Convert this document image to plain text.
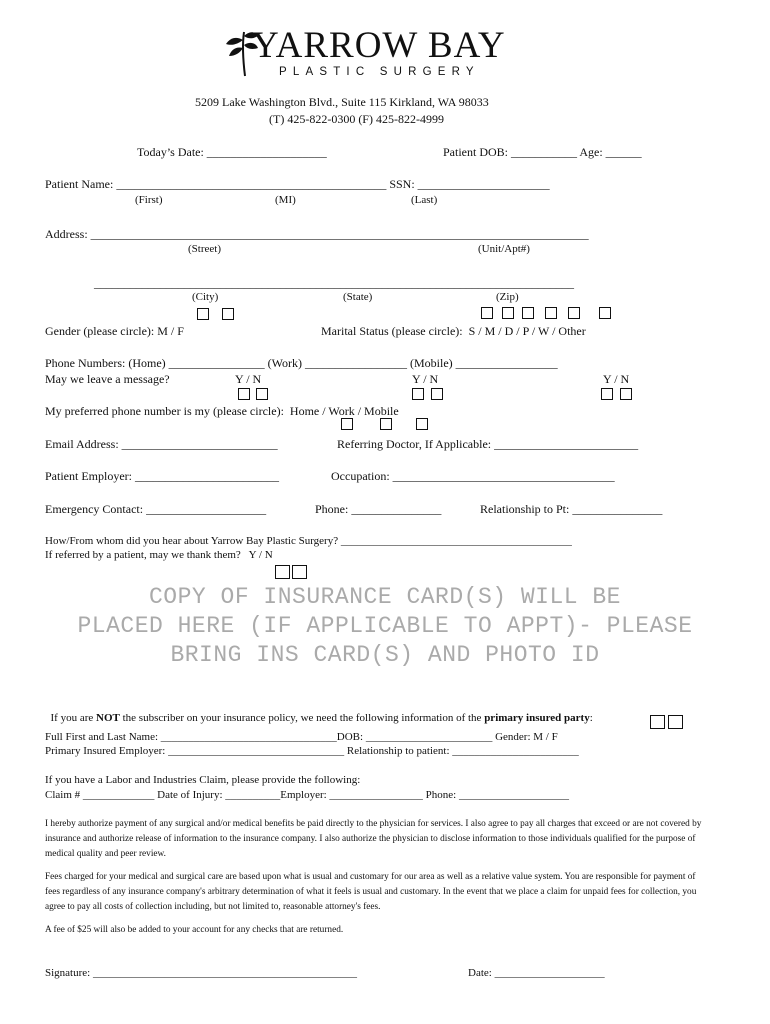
YARROW BAY
PLASTIC SURGERY
5209 Lake Washington Blvd., Suite 115 Kirkland, WA 98033
(T) 425-822-0300 (F) 425-822-4999
Today’s Date: ____________________	Patient DOB: ___________ Age: ______
Patient Name: _____________________________________________ SSN: ______________________
(First)	(MI)	(Last)
Address: ___________________________________________________________________________________
(Street)	(Unit/Apt#)
________________________________________________________________________________
(City)	(State)	(Zip)
Gender (please circle): M / F	Marital Status (please circle):  S / M / D / P / W / Other
Phone Numbers: (Home) ________________ (Work) _________________ (Mobile) _________________
May we leave a message?	Y / N	Y / N	Y / N
My preferred phone number is my (please circle):  Home / Work / Mobile
Email Address: __________________________	Referring Doctor, If Applicable: ________________________
Patient Employer: ________________________	Occupation: _____________________________________
Emergency Contact: ____________________	Phone: _______________	Relationship to Pt: _______________
How/From whom did you hear about Yarrow Bay Plastic Surgery? __________________________________________
If referred by a patient, may we thank them?   Y / N
COPY OF INSURANCE CARD(S) WILL BE
PLACED HERE (IF APPLICABLE TO APPT)- PLEASE
BRING INS CARD(S) AND PHOTO ID

If you are NOT the subscriber on your insurance policy, we need the following information of the primary insured party:

Full First and Last Name: ________________________________DOB: _______________________ Gender: M / F
Primary Insured Employer: ________________________________ Relationship to patient: _______________________
If you have a Labor and Industries Claim, please provide the following:
Claim # _____________ Date of Injury: __________Employer: _________________ Phone: ____________________
I hereby authorize payment of any surgical and/or medical benefits be paid directly to the physician for services. I also agree to pay all charges that exceed or are not covered by insurance and authorize release of information to the insurance company. I also authorize the physician to disclose information to those individuals qualified for the purpose of medical quality and peer review.
Fees charged for your medical and surgical care are based upon what is usual and customary for our area as well as a relative value system. You are responsible for payment of fees regardless of any insurance company's arbitrary determination of what it feels is usual and customary. In the event that we place a claim for unpaid fees for collection, you agree to pay all costs of collection including, but not limited to, reasonable attorney's fees.
A fee of $25 will also be added to your account for any checks that are returned.
Signature: ________________________________________________	Date: ____________________
